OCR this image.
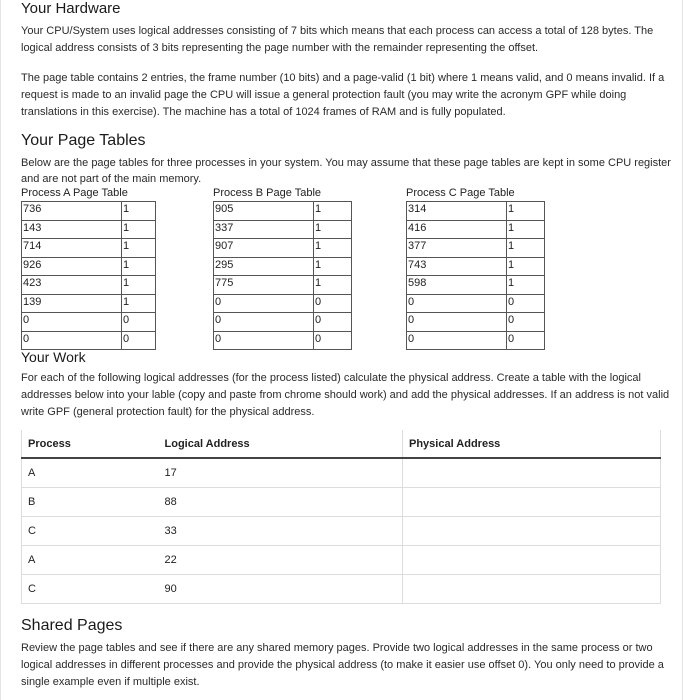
Your Hardware

Your CPU/System uses logical addresses consisting of 7 bits which means that each process can access a total of 128 bytes. The logical address consists of 3 bits representing the page number with the remainder representing the offset.

The page table contains 2 entries, the frame number (10 bits) and a page-valid (1 bit) where 1 means valid, and 0 means invalid. If a request is made to an invalid page the CPU will issue a general protection fault (you may write the acronym GPF while doing translations in this exercise). The machine has a total of 1024 frames of RAM and is fully populated.

Your Page Tables

Below are the page tables for three processes in your system. You may assume that these page tables are kept in some CPU register and are not part of the main memory.

Process A Page Table
736	1
143	1
714	1
926	1
423	1
139	1
0	0
0	0
Process B Page Table
905	1
337	1
907	1
295	1
775	1
0	0
0	0
0	0
Process C Page Table
314	1
416	1
377	1
743	1
598	1
0	0
0	0
0	0
Your Work

For each of the following logical addresses (for the process listed) calculate the physical address. Create a table with the logical addresses below into your lable (copy and paste from chrome should work) and add the physical addresses. If an address is not valid write GPF (general protection fault) for the physical address.

Process	Logical Address	Physical Address
A	17	
B	88	
C	33	
A	22	
C	90	
Shared Pages

Review the page tables and see if there are any shared memory pages. Provide two logical addresses in the same process or two logical addresses in different processes and provide the physical address (to make it easier use offset 0). You only need to provide a single example even if multiple exist.
